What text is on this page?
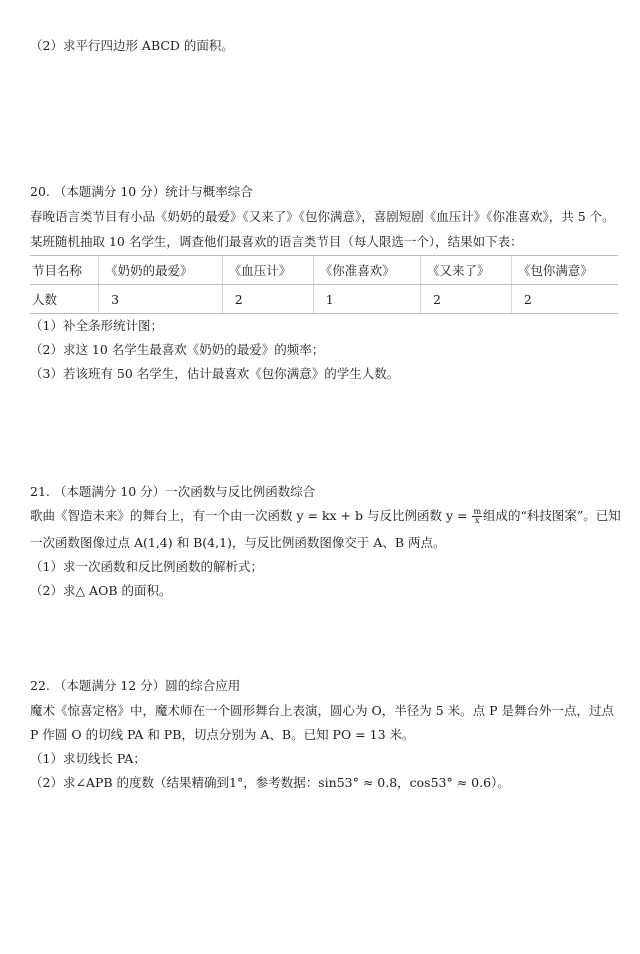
（2）求平行四边形 ABCD 的面积。
20. （本题满分 10 分）统计与概率综合
春晚语言类节目有小品《奶奶的最爱》《又来了》《包你满意》，喜剧短剧《血压计》《你准喜欢》，共 5 个。
某班随机抽取 10 名学生，调查他们最喜欢的语言类节目（每人限选一个），结果如下表：
节目名称	《奶奶的最爱》	《血压计》	《你准喜欢》	《又来了》	《包你满意》
人数	3	2	1	2	2
（1）补全条形统计图；
（2）求这 10 名学生最喜欢《奶奶的最爱》的频率；
（3）若该班有 50 名学生，估计最喜欢《包你满意》的学生人数。
21. （本题满分 10 分）一次函数与反比例函数综合
歌曲《智造未来》的舞台上，有一个由一次函数 y = kx + b 与反比例函数 $y = \frac{m}{x}$ 组成的“科技图案”。已知
一次函数图像过点 A(1,4) 和 B(4,1)，与反比例函数图像交于 A、B 两点。
（1）求一次函数和反比例函数的解析式；
（2）求△ AOB 的面积。
22. （本题满分 12 分）圆的综合应用
魔术《惊喜定格》中，魔术师在一个圆形舞台上表演，圆心为 O，半径为 5 米。点 P 是舞台外一点，过点
P 作圆 O 的切线 PA 和 PB，切点分别为 A、B。已知 PO = 13 米。
（1）求切线长 PA；
（2）求∠APB 的度数（结果精确到1°，参考数据：sin53° ≈ 0.8，cos53° ≈ 0.6）。
